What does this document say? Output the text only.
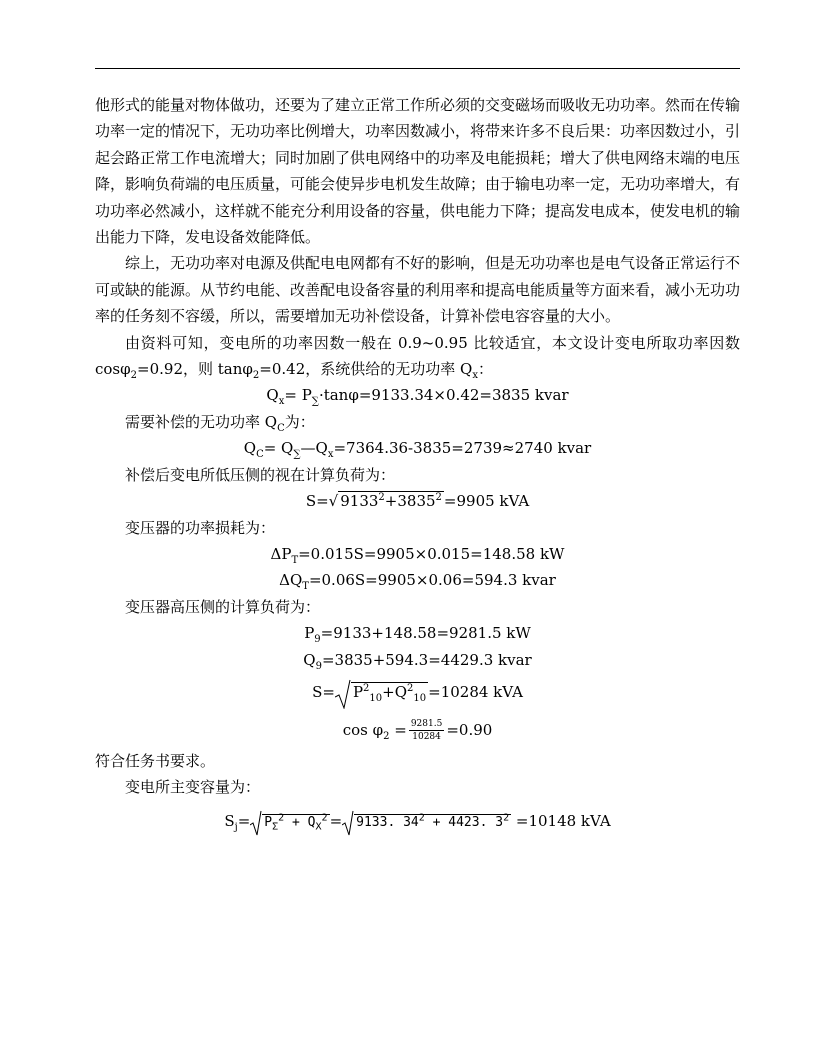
他形式的能量对物体做功，还要为了建立正常工作所必须的交变磁场而吸收无功功率。然而在传输功率一定的情况下，无功功率比例增大，功率因数减小，将带来许多不良后果：功率因数过小，引起会路正常工作电流增大；同时加剧了供电网络中的功率及电能损耗；增大了供电网络末端的电压降，影响负荷端的电压质量，可能会使异步电机发生故障；由于输电功率一定，无功功率增大，有功功率必然减小，这样就不能充分利用设备的容量，供电能力下降；提高发电成本，使发电机的输出能力下降，发电设备效能降低。

综上，无功功率对电源及供配电电网都有不好的影响，但是无功功率也是电气设备正常运行不可或缺的能源。从节约电能、改善配电设备容量的利用率和提高电能质量等方面来看，减小无功功率的任务刻不容缓，所以，需要增加无功补偿设备，计算补偿电容容量的大小。

由资料可知，变电所的功率因数一般在 0.9~0.95 比较适宜，本文设计变电所取功率因数 cosφ$_2$=0.92，则 tanφ$_2$=0.42，系统供给的无功功率 $Q_x$：

$Q_x= P_\sum\cdot\tan\varphi=9133.34\times 0.42=3835$ kvar

需要补偿的无功功率 $Q_C$为：

$Q_C=$ $Q_\sum—Q_x=7364.36-3835=2739\approx 2740$ kvar

补偿后变电所低压侧的视在计算负荷为：

S=√ $9133^2+3835^2 =9905$ kVA

变压器的功率损耗为：

$\Delta P_T=0.015S=9905\times 0.015=148.58$ kW

$\Delta Q_T=0.06S=9905\times 0.06=594.3$ kvar

变压器高压侧的计算负荷为：

$P_9=9133+148.58=9281.5$ kW

$Q_9=3835+594.3=4429.3$ kvar

$S= P^2_{10}+Q^2_{10} =10284$ kVA

$\cos \varphi_2 = \frac{9281.5}{10284} =0.90$

符合任务书要求。

变电所主变容量为：

$S_j= P_\Sigma^2 + Q_X^2 = 9133$. $34^2 + 4423$. $3^2 =10148$ kVA
